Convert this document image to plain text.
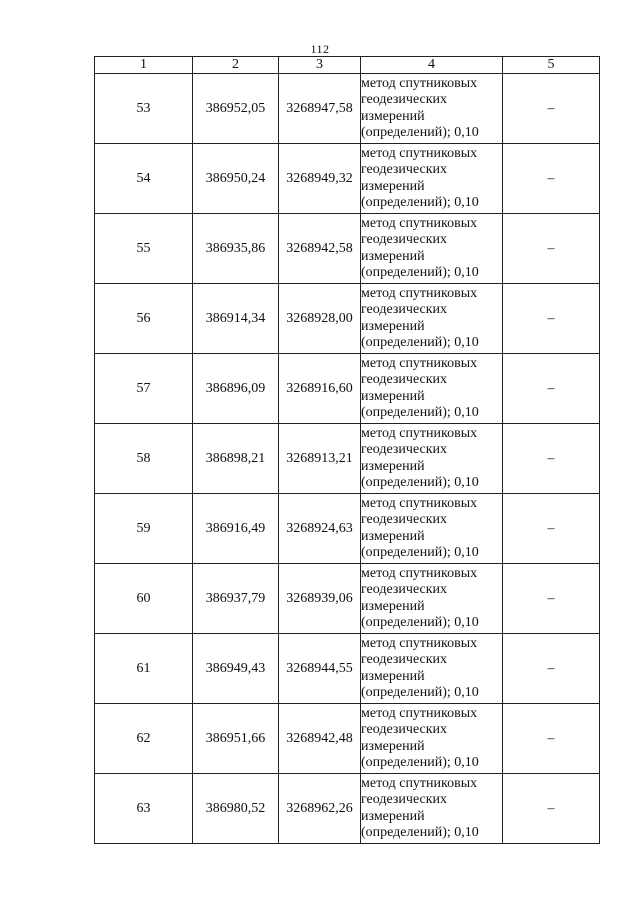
112
1	2	3	4	5
53	386952,05	3268947,58	метод спутниковых
геодезических
измерений
(определений); 0,10	–
54	386950,24	3268949,32	метод спутниковых
геодезических
измерений
(определений); 0,10	–
55	386935,86	3268942,58	метод спутниковых
геодезических
измерений
(определений); 0,10	–
56	386914,34	3268928,00	метод спутниковых
геодезических
измерений
(определений); 0,10	–
57	386896,09	3268916,60	метод спутниковых
геодезических
измерений
(определений); 0,10	–
58	386898,21	3268913,21	метод спутниковых
геодезических
измерений
(определений); 0,10	–
59	386916,49	3268924,63	метод спутниковых
геодезических
измерений
(определений); 0,10	–
60	386937,79	3268939,06	метод спутниковых
геодезических
измерений
(определений); 0,10	–
61	386949,43	3268944,55	метод спутниковых
геодезических
измерений
(определений); 0,10	–
62	386951,66	3268942,48	метод спутниковых
геодезических
измерений
(определений); 0,10	–
63	386980,52	3268962,26	метод спутниковых
геодезических
измерений
(определений); 0,10	–
